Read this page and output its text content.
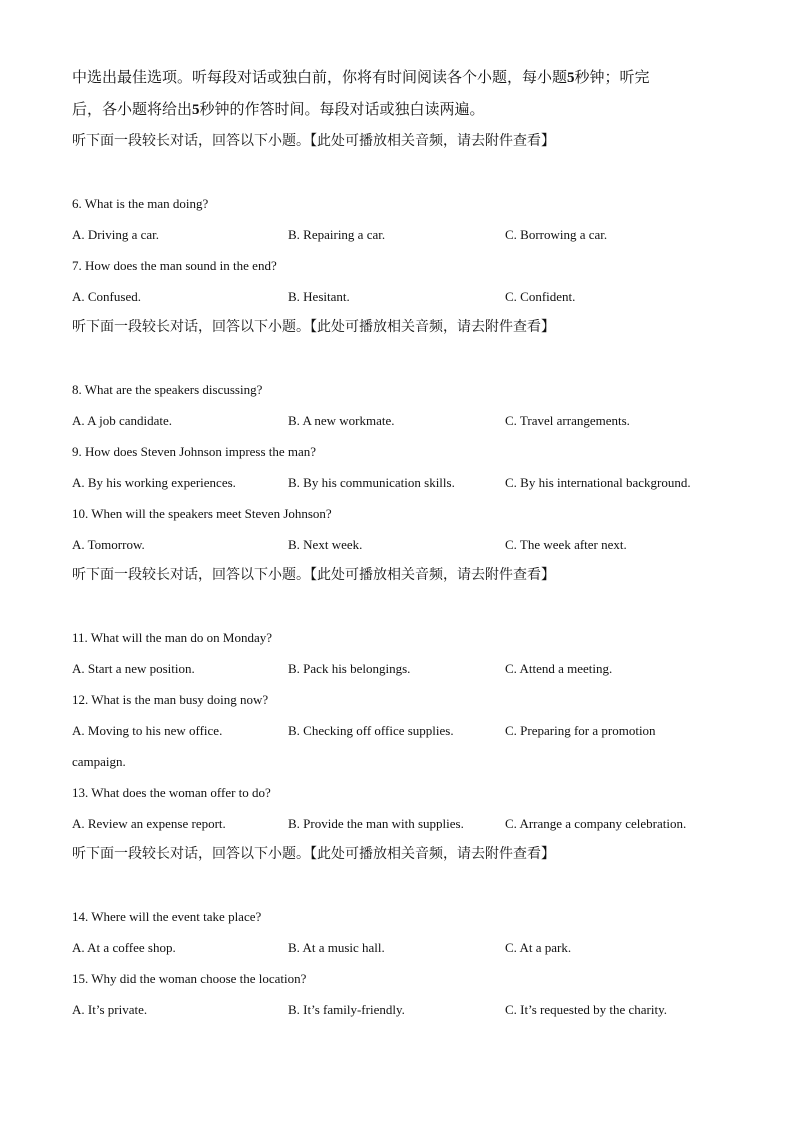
中选出最佳选项。听每段对话或独白前，你将有时间阅读各个小题，每小题5秒钟；听完

后，各小题将给出5秒钟的作答时间。每段对话或独白读两遍。

听下面一段较长对话，回答以下小题。【此处可播放相关音频，请去附件查看】

6. What is the man doing?

A. Driving a car.	B. Repairing a car.	C. Borrowing a car.

7. How does the man sound in the end?

A. Confused.	B. Hesitant.	C. Confident.

听下面一段较长对话，回答以下小题。【此处可播放相关音频，请去附件查看】

8. What are the speakers discussing?

A. A job candidate.	B. A new workmate.	C. Travel arrangements.

9. How does Steven Johnson impress the man?

A. By his working experiences.	B. By his communication skills.	C. By his international background.

10. When will the speakers meet Steven Johnson?

A. Tomorrow.	B. Next week.	C. The week after next.

听下面一段较长对话，回答以下小题。【此处可播放相关音频，请去附件查看】

11. What will the man do on Monday?

A. Start a new position.	B. Pack his belongings.	C. Attend a meeting.

12. What is the man busy doing now?

A. Moving to his new office.	B. Checking off office supplies.	C. Preparing for a promotion

campaign.

13. What does the woman offer to do?

A. Review an expense report.	B. Provide the man with supplies.	C. Arrange a company celebration.

听下面一段较长对话，回答以下小题。【此处可播放相关音频，请去附件查看】

14. Where will the event take place?

A. At a coffee shop.	B. At a music hall.	C. At a park.

15. Why did the woman choose the location?

A. It’s private.	B. It’s family-friendly.	C. It’s requested by the charity.
